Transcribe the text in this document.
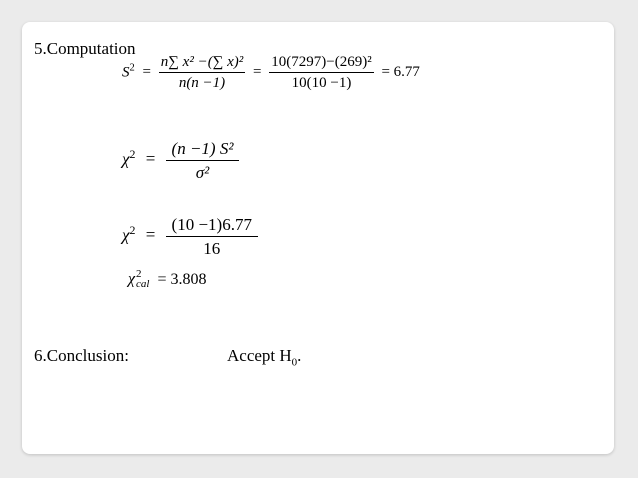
5.Computation
$S^2 = \frac{\text{n∑ x² −(∑ x)²}}{n(n -1)} = \frac{\text{10(7297)−(269)²}}{10(10 -1)} = 6.77$
$\chi^2 = \frac{\text{(n −1) S²}}{\text{σ²}}$
$\chi^2 = \frac{(10 -1)6.77}{16}$
χ 2
cal = 3.808
6.Conclusion:	Accept $H_0$.
